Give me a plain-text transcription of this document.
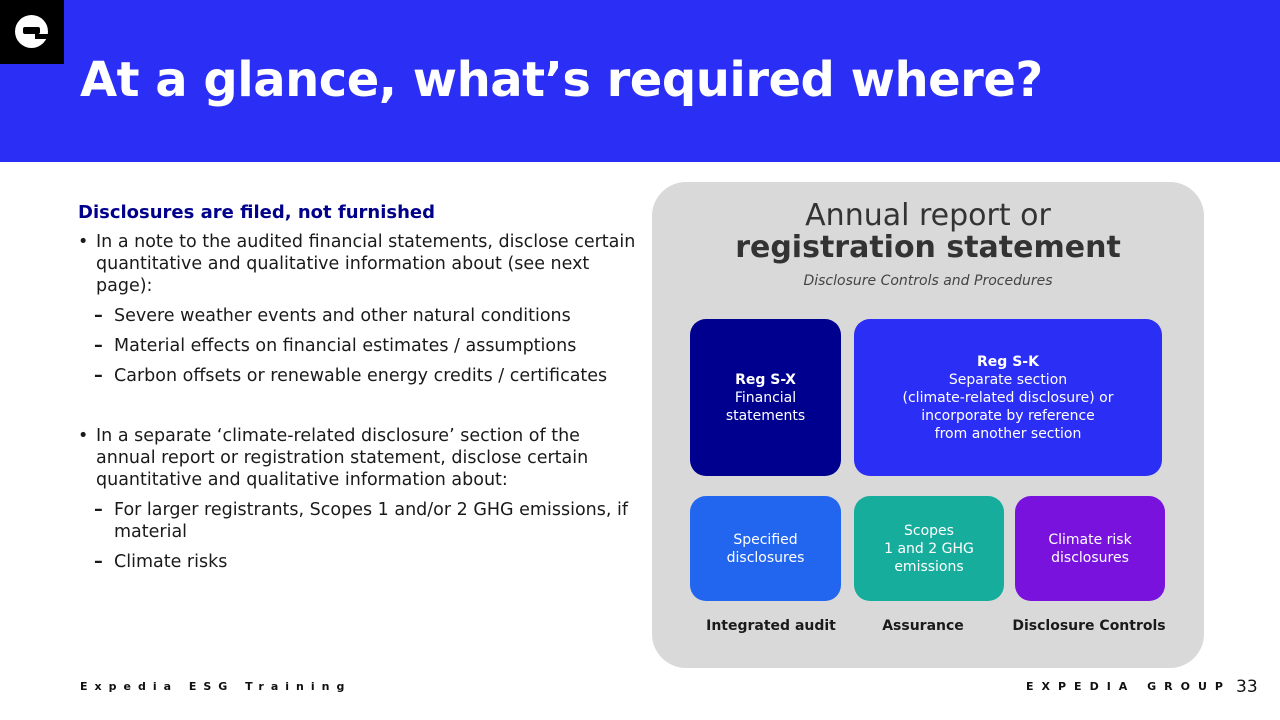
At a glance, what’s required where?
Disclosures are filed, not furnished
• In a note to the audited financial statements, disclose certain quantitative and qualitative information about (see next page):
– Severe weather events and other natural conditions
– Material effects on financial estimates / assumptions
– Carbon offsets or renewable energy credits / certificates
• In a separate ‘climate-related disclosure’ section of the annual report or registration statement, disclose certain quantitative and qualitative information about:
– For larger registrants, Scopes 1 and/or 2 GHG emissions, if material
– Climate risks
Annual report or
registration statement
Disclosure Controls and Procedures
Reg S-X
Financial
statements
Reg S-K
Separate section
(climate-related disclosure) or
incorporate by reference
from another section
Specified
disclosures
Scopes
1 and 2 GHG
emissions
Climate risk
disclosures
Integrated audit	Assurance	Disclosure Controls
Expedia ESG Training	EXPEDIA GROUP 33
